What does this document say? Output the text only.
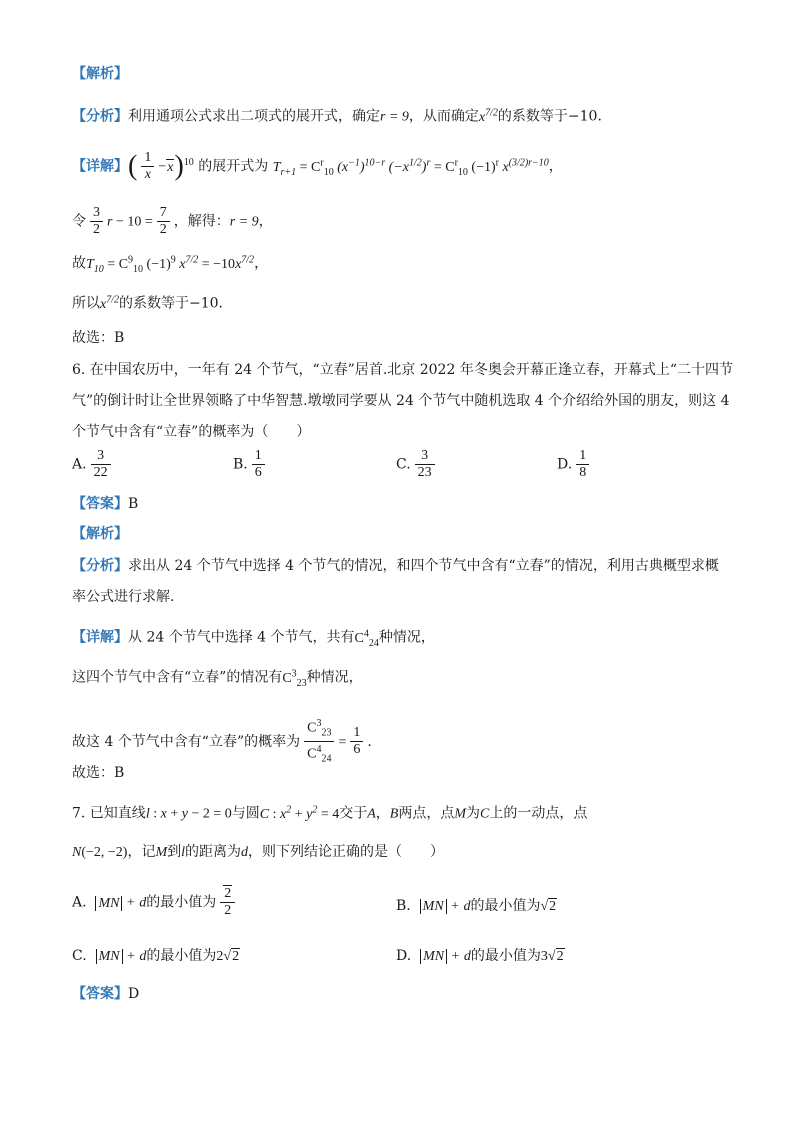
【解析】
【分析】利用通项公式求出二项式的展开式，确定r = 9，从而确定$x^{7/2}$的系数等于−10.
【详解】( $\frac{1}{x} -x)^{10}$ 的展开式为 $T_{r+1} = C^r_{10}$ $(x^{-1})^{10-r}$ $(-x^{1/2})^r = C^r_{10}$ $(-1)^r$ $x^{(3/2)r-10}$，
令 $\frac{3}{2}$ $r - 10 = \frac{7}{2}$ ，解得：r = 9，
故$T_{10} = C^9_{10}$ $(-1)^9$ $x^{7/2} = -10x^{7/2}$，
所以$x^{7/2}$的系数等于−10.
故选：B
6. 在中国农历中，一年有 24 个节气，“立春”居首.北京 2022 年冬奥会开幕正逢立春，开幕式上“二十四节
气”的倒计时让全世界领略了中华智慧.墩墩同学要从 24 个节气中随机选取 4 个介绍给外国的朋友，则这 4
个节气中含有“立春”的概率为（　　）
A. $\frac{3}{22}$	B. $\frac{1}{6}$	C. $\frac{3}{23}$	D. $\frac{1}{8}$
【答案】B
【解析】
【分析】求出从 24 个节气中选择 4 个节气的情况，和四个节气中含有“立春”的情况，利用古典概型求概
率公式进行求解.
【详解】从 24 个节气中选择 4 个节气，共有$C^4_{24}$种情况，
这四个节气中含有“立春”的情况有$C^3_{23}$种情况，
故这 4 个节气中含有“立春”的概率为 $\frac{C^3_{23}}{C^4_{24}} = \frac{1}{6}$ .
故选：B
7. 已知直线l : x + y − 2 = 0与圆C : $x^2 + y^2 = 4$交于A，B两点，点M为C上的一动点，点
N(−2, −2)，记M到l的距离为d，则下列结论正确的是（　　）
A. MN + d的最小值为 $\frac{2}{2}$	B. MN + d的最小值为√2
C. MN + d的最小值为2√2	D. MN + d的最小值为3√2
【答案】D
